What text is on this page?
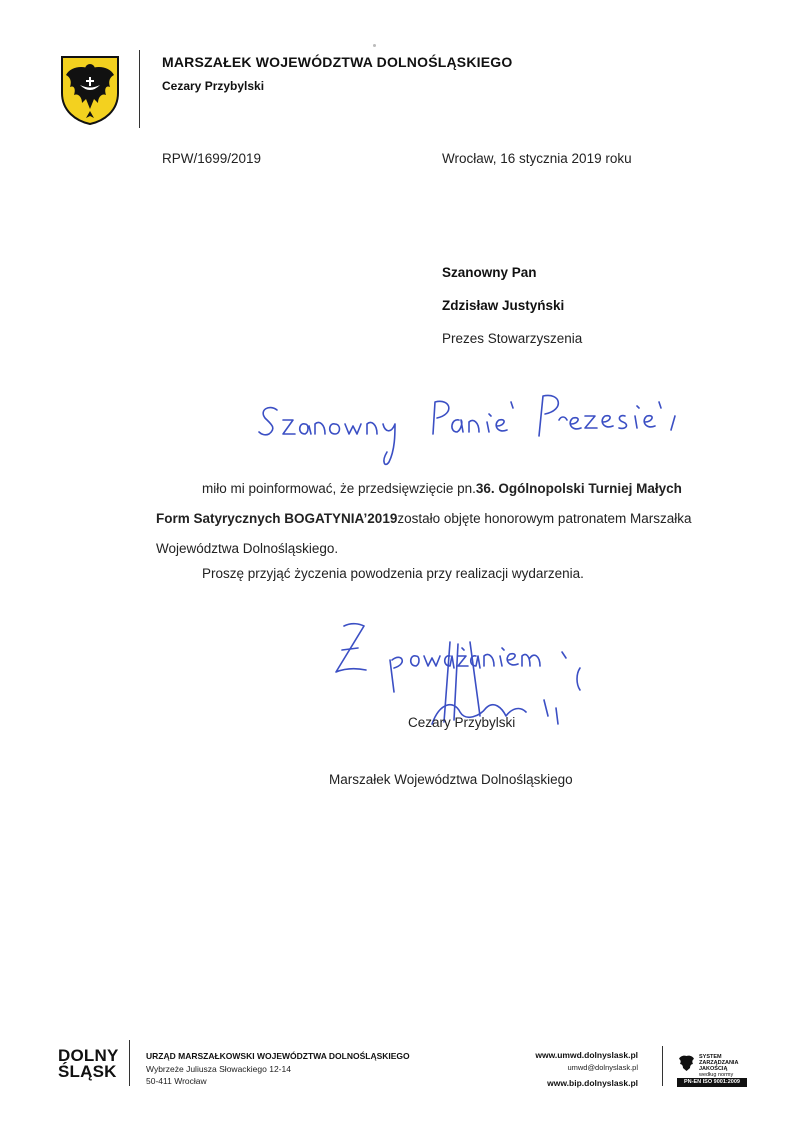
MARSZAŁEK WOJEWÓDZTWA DOLNOŚLĄSKIEGO
Cezary Przybylski
RPW/1699/2019	Wrocław, 16 stycznia 2019 roku
Szanowny Pan
Zdzisław Justyński
Prezes Stowarzyszenia
miło mi poinformować, że przedsięwzięcie pn. 36. Ogólnopolski Turniej Małych
Form Satyrycznych BOGATYNIA’2019 zostało objęte honorowym patronatem Marszałka
Województwa Dolnośląskiego.
Proszę przyjąć życzenia powodzenia przy realizacji wydarzenia.
Cezary Przybylski
Marszałek Województwa Dolnośląskiego
DOLNY
ŚLĄSK
URZĄD MARSZAŁKOWSKI WOJEWÓDZTWA DOLNOŚLĄSKIEGO
Wybrzeże Juliusza Słowackiego 12-14
50-411 Wrocław
www.umwd.dolnyslask.pl
umwd@dolnyslask.pl
www.bip.dolnyslask.pl
SYSTEM
ZARZĄDZANIA
JAKOŚCIĄ
według normy
PN-EN ISO 9001:2009
